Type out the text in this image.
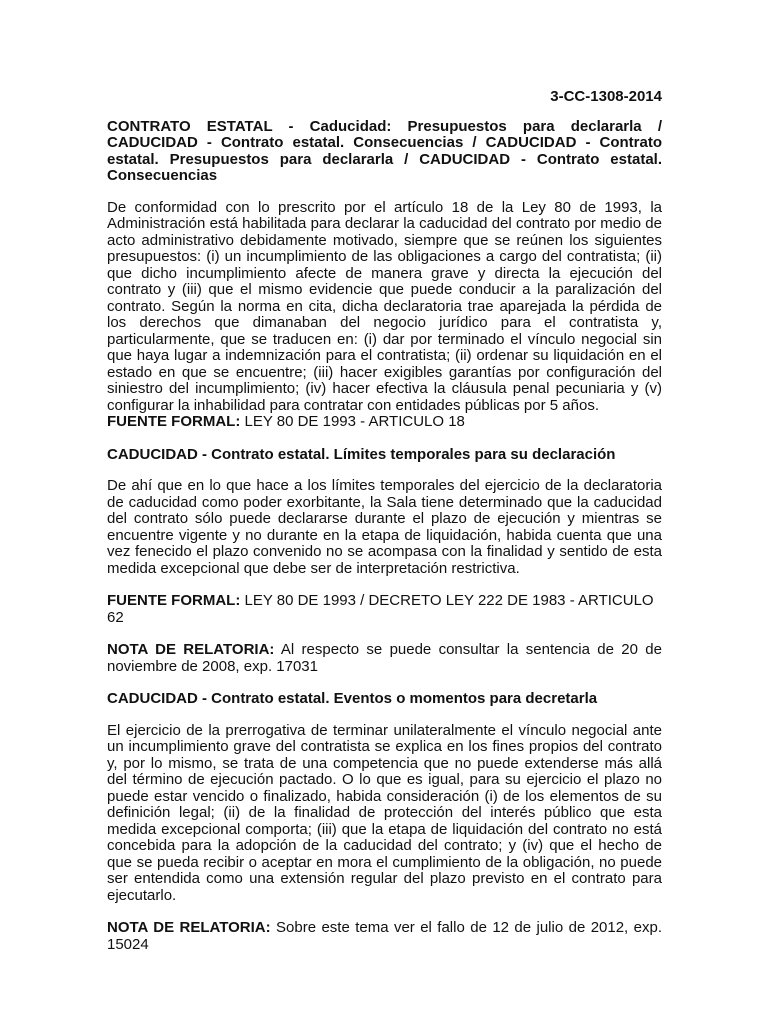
3-CC-1308-2014

CONTRATO ESTATAL - Caducidad: Presupuestos para declararla / CADUCIDAD - Contrato estatal. Consecuencias / CADUCIDAD - Contrato estatal. Presupuestos para declararla / CADUCIDAD - Contrato estatal. Consecuencias

De conformidad con lo prescrito por el artículo 18 de la Ley 80 de 1993, la Administración está habilitada para declarar la caducidad del contrato por medio de acto administrativo debidamente motivado, siempre que se reúnen los siguientes presupuestos: (i) un incumplimiento de las obligaciones a cargo del contratista; (ii) que dicho incumplimiento afecte de manera grave y directa la ejecución del contrato y (iii) que el mismo evidencie que puede conducir a la paralización del contrato. Según la norma en cita, dicha declaratoria trae aparejada la pérdida de los derechos que dimanaban del negocio jurídico para el contratista y, particularmente, que se traducen en: (i) dar por terminado el vínculo negocial sin que haya lugar a indemnización para el contratista; (ii) ordenar su liquidación en el estado en que se encuentre; (iii) hacer exigibles garantías por configuración del siniestro del incumplimiento; (iv) hacer efectiva la cláusula penal pecuniaria y (v) configurar la inhabilidad para contratar con entidades públicas por 5 años.

FUENTE FORMAL: LEY 80 DE 1993 - ARTICULO 18

CADUCIDAD - Contrato estatal. Límites temporales para su declaración

De ahí que en lo que hace a los límites temporales del ejercicio de la declaratoria de caducidad como poder exorbitante, la Sala tiene determinado que la caducidad del contrato sólo puede declararse durante el plazo de ejecución y mientras se encuentre vigente y no durante en la etapa de liquidación, habida cuenta que una vez fenecido el plazo convenido no se acompasa con la finalidad y sentido de esta medida excepcional que debe ser de interpretación restrictiva.

FUENTE FORMAL: LEY 80 DE 1993 / DECRETO LEY 222 DE 1983 - ARTICULO 62

NOTA DE RELATORIA: Al respecto se puede consultar la sentencia de 20 de noviembre de 2008, exp. 17031

CADUCIDAD - Contrato estatal. Eventos o momentos para decretarla

El ejercicio de la prerrogativa de terminar unilateralmente el vínculo negocial ante un incumplimiento grave del contratista se explica en los fines propios del contrato y, por lo mismo, se trata de una competencia que no puede extenderse más allá del término de ejecución pactado. O lo que es igual, para su ejercicio el plazo no puede estar vencido o finalizado, habida consideración (i) de los elementos de su definición legal; (ii) de la finalidad de protección del interés público que esta medida excepcional comporta; (iii) que la etapa de liquidación del contrato no está concebida para la adopción de la caducidad del contrato; y (iv) que el hecho de que se pueda recibir o aceptar en mora el cumplimiento de la obligación, no puede ser entendida como una extensión regular del plazo previsto en el contrato para ejecutarlo.

NOTA DE RELATORIA: Sobre este tema ver el fallo de 12 de julio de 2012, exp. 15024
